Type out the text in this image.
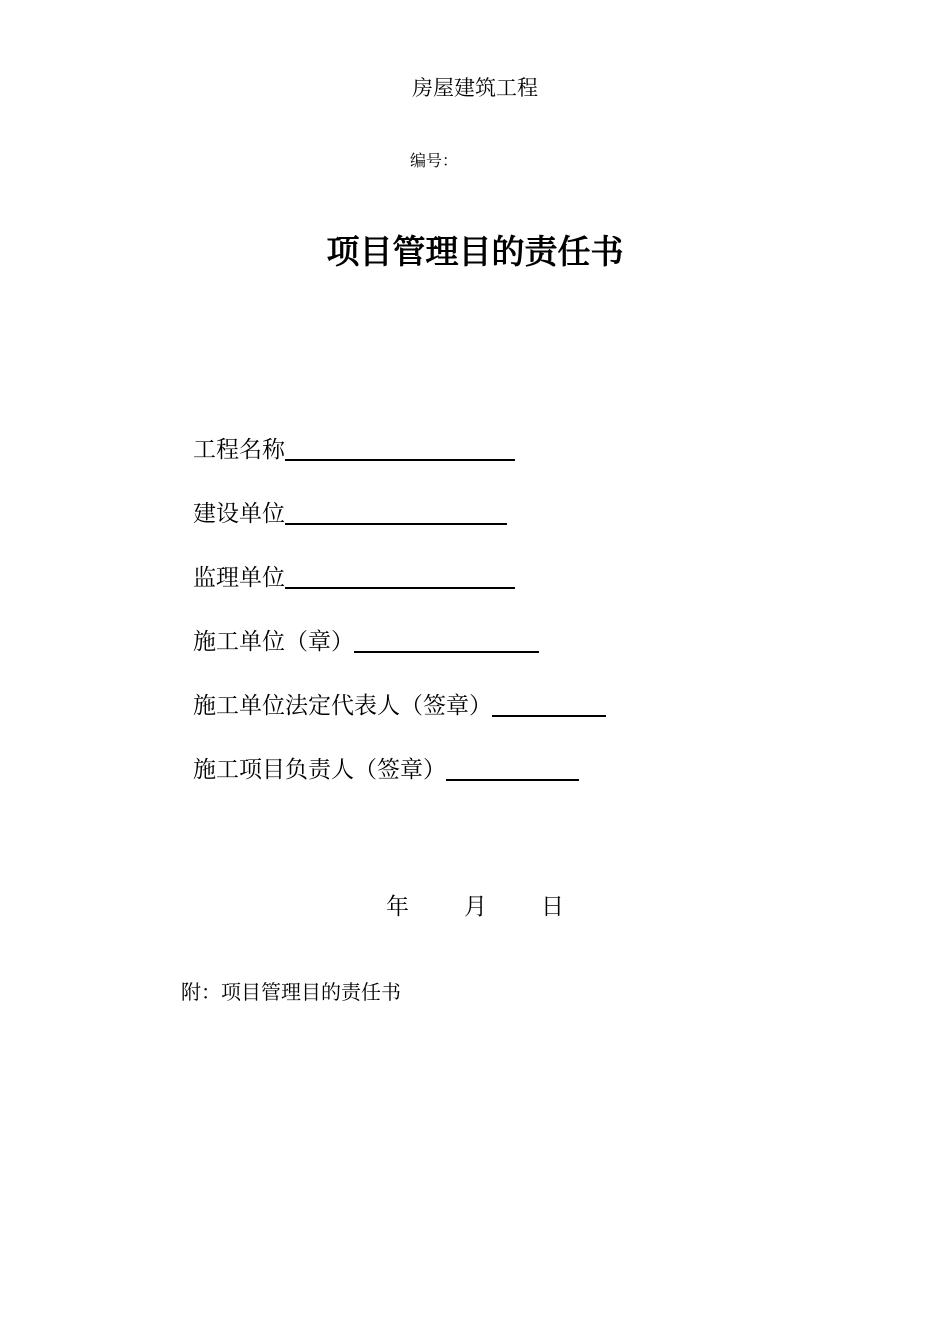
房屋建筑工程
编号：
项目管理目的责任书
工程名称
建设单位
监理单位
施工单位（章）
施工单位法定代表人（签章）
施工项目负责人（签章）
年 月 日
附：项目管理目的责任书
